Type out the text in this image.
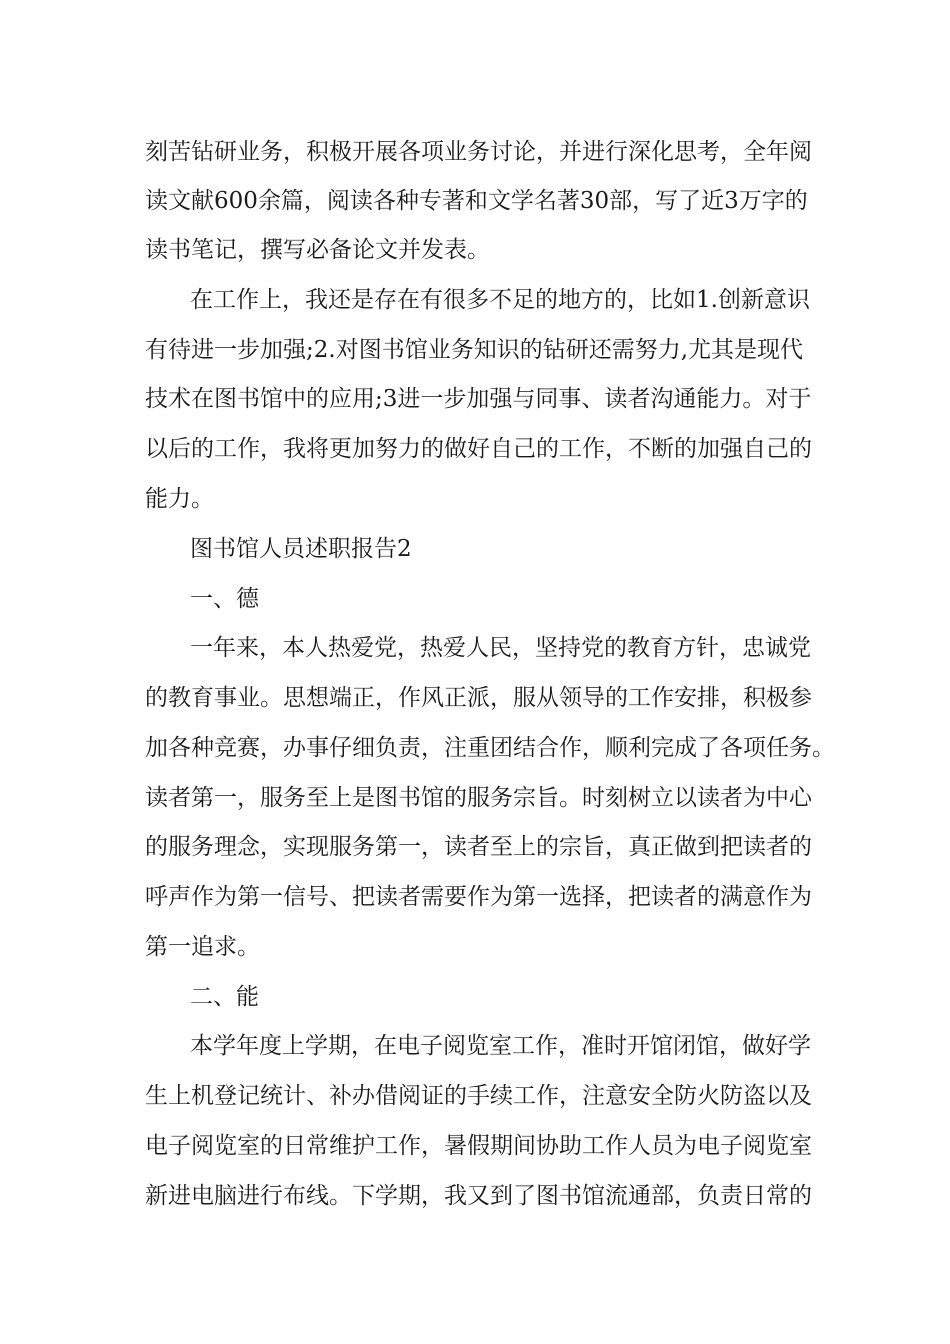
刻苦钻研业务，积极开展各项业务讨论，并进行深化思考，全年阅
读文献600余篇，阅读各种专著和文学名著30部，写了近3万字的
读书笔记，撰写必备论文并发表。
在工作上，我还是存在有很多不足的地方的，比如1.创新意识
有待进一步加强;2.对图书馆业务知识的钻研还需努力,尤其是现代
技术在图书馆中的应用;3进一步加强与同事、读者沟通能力。对于
以后的工作，我将更加努力的做好自己的工作，不断的加强自己的
能力。
图书馆人员述职报告2
一、德
一年来，本人热爱党，热爱人民，坚持党的教育方针，忠诚党
的教育事业。思想端正，作风正派，服从领导的工作安排，积极参
加各种竞赛，办事仔细负责，注重团结合作，顺利完成了各项任务。
读者第一，服务至上是图书馆的服务宗旨。时刻树立以读者为中心
的服务理念，实现服务第一，读者至上的宗旨，真正做到把读者的
呼声作为第一信号、把读者需要作为第一选择，把读者的满意作为
第一追求。
二、能
本学年度上学期，在电子阅览室工作，准时开馆闭馆，做好学
生上机登记统计、补办借阅证的手续工作，注意安全防火防盗以及
电子阅览室的日常维护工作，暑假期间协助工作人员为电子阅览室
新进电脑进行布线。下学期，我又到了图书馆流通部，负责日常的
